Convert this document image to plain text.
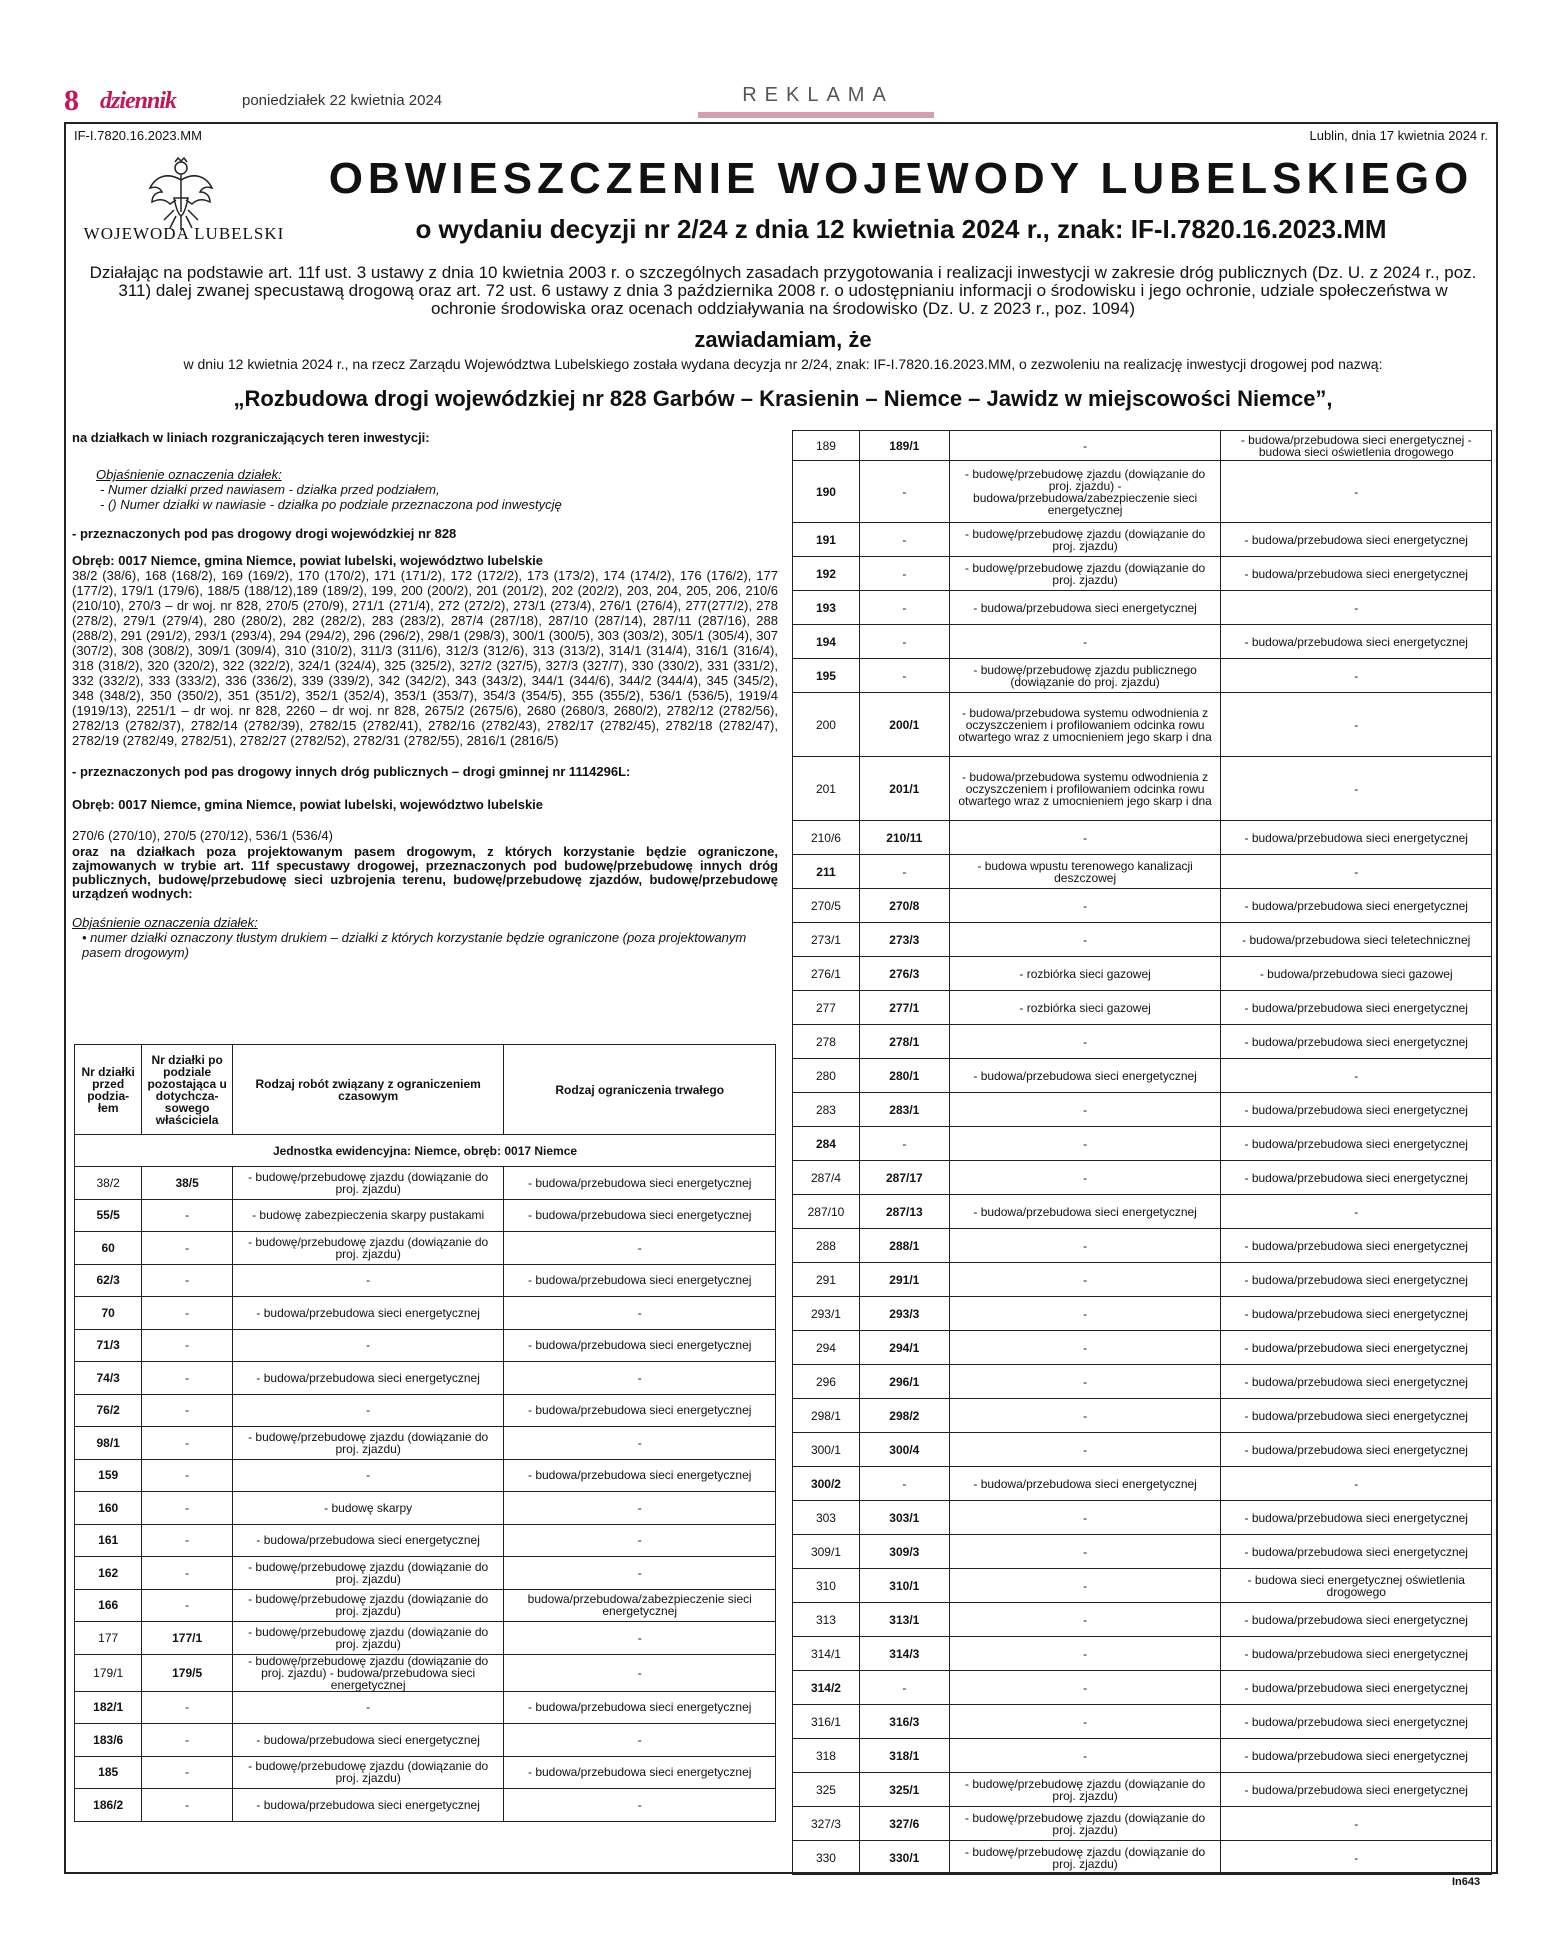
8 dziennik	poniedziałek 22 kwietnia 2024	REKLAMA
IF-I.7820.16.2023.MM	Lublin, dnia 17 kwietnia 2024 r.
WOJEWODA LUBELSKI
OBWIESZCZENIE WOJEWODY LUBELSKIEGO
o wydaniu decyzji nr 2/24 z dnia 12 kwietnia 2024 r., znak: IF-I.7820.16.2023.MM
Działając na podstawie art. 11f ust. 3 ustawy z dnia 10 kwietnia 2003 r. o szczególnych zasadach przygotowania i realizacji inwestycji w zakresie dróg publicznych (Dz. U. z 2024 r., poz. 311) dalej zwanej specustawą drogową oraz art. 72 ust. 6 ustawy z dnia 3 października 2008 r. o udostępnianiu informacji o środowisku i jego ochronie, udziale społeczeństwa w ochronie środowiska oraz ocenach oddziaływania na środowisko (Dz. U. z 2023 r., poz. 1094)
zawiadamiam, że
w dniu 12 kwietnia 2024 r., na rzecz Zarządu Województwa Lubelskiego została wydana decyzja nr 2/24, znak: IF-I.7820.16.2023.MM, o zezwoleniu na realizację inwestycji drogowej pod nazwą:
„Rozbudowa drogi wojewódzkiej nr 828 Garbów – Krasienin – Niemce – Jawidz w miejscowości Niemce”,

na działkach w liniach rozgraniczających teren inwestycji:

Objaśnienie oznaczenia działek:

- Numer działki przed nawiasem - działka przed podziałem,

- () Numer działki w nawiasie - działka po podziale przeznaczona pod inwestycję

- przeznaczonych pod pas drogowy drogi wojewódzkiej nr 828

Obręb: 0017 Niemce, gmina Niemce, powiat lubelski, województwo lubelskie

38/2 (38/6), 168 (168/2), 169 (169/2), 170 (170/2), 171 (171/2), 172 (172/2), 173 (173/2), 174 (174/2), 176 (176/2), 177 (177/2), 179/1 (179/6), 188/5 (188/12),189 (189/2), 199, 200 (200/2), 201 (201/2), 202 (202/2), 203, 204, 205, 206, 210/6 (210/10), 270/3 – dr woj. nr 828, 270/5 (270/9), 271/1 (271/4), 272 (272/2), 273/1 (273/4), 276/1 (276/4), 277(277/2), 278 (278/2), 279/1 (279/4), 280 (280/2), 282 (282/2), 283 (283/2), 287/4 (287/18), 287/10 (287/14), 287/11 (287/16), 288 (288/2), 291 (291/2), 293/1 (293/4), 294 (294/2), 296 (296/2), 298/1 (298/3), 300/1 (300/5), 303 (303/2), 305/1 (305/4), 307 (307/2), 308 (308/2), 309/1 (309/4), 310 (310/2), 311/3 (311/6), 312/3 (312/6), 313 (313/2), 314/1 (314/4), 316/1 (316/4), 318 (318/2), 320 (320/2), 322 (322/2), 324/1 (324/4), 325 (325/2), 327/2 (327/5), 327/3 (327/7), 330 (330/2), 331 (331/2), 332 (332/2), 333 (333/2), 336 (336/2), 339 (339/2), 342 (342/2), 343 (343/2), 344/1 (344/6), 344/2 (344/4), 345 (345/2), 348 (348/2), 350 (350/2), 351 (351/2), 352/1 (352/4), 353/1 (353/7), 354/3 (354/5), 355 (355/2), 536/1 (536/5), 1919/4 (1919/13), 2251/1 – dr woj. nr 828, 2260 – dr woj. nr 828, 2675/2 (2675/6), 2680 (2680/3, 2680/2), 2782/12 (2782/56), 2782/13 (2782/37), 2782/14 (2782/39), 2782/15 (2782/41), 2782/16 (2782/43), 2782/17 (2782/45), 2782/18 (2782/47), 2782/19 (2782/49, 2782/51), 2782/27 (2782/52), 2782/31 (2782/55), 2816/1 (2816/5)

- przeznaczonych pod pas drogowy innych dróg publicznych – drogi gminnej nr 1114296L:

Obręb: 0017 Niemce, gmina Niemce, powiat lubelski, województwo lubelskie

270/6 (270/10), 270/5 (270/12), 536/1 (536/4)

oraz na działkach poza projektowanym pasem drogowym, z których korzystanie będzie ograniczone, zajmowanych w trybie art. 11f specustawy drogowej, przeznaczonych pod budowę/przebudowę innych dróg publicznych, budowę/przebudowę sieci uzbrojenia terenu, budowę/przebudowę zjazdów, budowę/przebudowę urządzeń wodnych:

Objaśnienie oznaczenia działek:

• numer działki oznaczony tłustym drukiem – działki z których korzystanie będzie ograniczone (poza projektowanym pasem drogowym)

Nr działki przed podzia-łem	Nr działki po podziale pozostająca u dotychcza-sowego właściciela	Rodzaj robót związany z ograniczeniem czasowym	Rodzaj ograniczenia trwałego
Jednostka ewidencyjna: Niemce, obręb: 0017 Niemce			
38/2	38/5	- budowę/przebudowę zjazdu (dowiązanie do proj. zjazdu)	- budowa/przebudowa sieci energetycznej
55/5	-	- budowę zabezpieczenia skarpy pustakami	- budowa/przebudowa sieci energetycznej
60	-	- budowę/przebudowę zjazdu (dowiązanie do proj. zjazdu)	-
62/3	-	-	- budowa/przebudowa sieci energetycznej
70	-	- budowa/przebudowa sieci energetycznej	-
71/3	-	-	- budowa/przebudowa sieci energetycznej
74/3	-	- budowa/przebudowa sieci energetycznej	-
76/2	-	-	- budowa/przebudowa sieci energetycznej
98/1	-	- budowę/przebudowę zjazdu (dowiązanie do proj. zjazdu)	-
159	-	-	- budowa/przebudowa sieci energetycznej
160	-	- budowę skarpy	-
161	-	- budowa/przebudowa sieci energetycznej	-
162	-	- budowę/przebudowę zjazdu (dowiązanie do proj. zjazdu)	-
166	-	- budowę/przebudowę zjazdu (dowiązanie do proj. zjazdu)	budowa/przebudowa/zabezpieczenie sieci energetycznej
177	177/1	- budowę/przebudowę zjazdu (dowiązanie do proj. zjazdu)	-
179/1	179/5	- budowę/przebudowę zjazdu (dowiązanie do proj. zjazdu) - budowa/przebudowa sieci energetycznej	-
182/1	-	-	- budowa/przebudowa sieci energetycznej
183/6	-	- budowa/przebudowa sieci energetycznej	-
185	-	- budowę/przebudowę zjazdu (dowiązanie do proj. zjazdu)	- budowa/przebudowa sieci energetycznej
186/2	-	- budowa/przebudowa sieci energetycznej	-
189	189/1	-	- budowa/przebudowa sieci energetycznej - budowa sieci oświetlenia drogowego
190	-	- budowę/przebudowę zjazdu (dowiązanie do proj. zjazdu) - budowa/przebudowa/zabezpieczenie sieci energetycznej	-
191	-	- budowę/przebudowę zjazdu (dowiązanie do proj. zjazdu)	- budowa/przebudowa sieci energetycznej
192	-	- budowę/przebudowę zjazdu (dowiązanie do proj. zjazdu)	- budowa/przebudowa sieci energetycznej
193	-	- budowa/przebudowa sieci energetycznej	-
194	-	-	- budowa/przebudowa sieci energetycznej
195	-	- budowę/przebudowę zjazdu publicznego (dowiązanie do proj. zjazdu)	-
200	200/1	- budowa/przebudowa systemu odwodnienia z oczyszczeniem i profilowaniem odcinka rowu otwartego wraz z umocnieniem jego skarp i dna	-
201	201/1	- budowa/przebudowa systemu odwodnienia z oczyszczeniem i profilowaniem odcinka rowu otwartego wraz z umocnieniem jego skarp i dna	-
210/6	210/11	-	- budowa/przebudowa sieci energetycznej
211	-	- budowa wpustu terenowego kanalizacji deszczowej	-
270/5	270/8	-	- budowa/przebudowa sieci energetycznej
273/1	273/3	-	- budowa/przebudowa sieci teletechnicznej
276/1	276/3	- rozbiórka sieci gazowej	- budowa/przebudowa sieci gazowej
277	277/1	- rozbiórka sieci gazowej	- budowa/przebudowa sieci energetycznej
278	278/1	-	- budowa/przebudowa sieci energetycznej
280	280/1	- budowa/przebudowa sieci energetycznej	-
283	283/1	-	- budowa/przebudowa sieci energetycznej
284	-	-	- budowa/przebudowa sieci energetycznej
287/4	287/17	-	- budowa/przebudowa sieci energetycznej
287/10	287/13	- budowa/przebudowa sieci energetycznej	-
288	288/1	-	- budowa/przebudowa sieci energetycznej
291	291/1	-	- budowa/przebudowa sieci energetycznej
293/1	293/3	-	- budowa/przebudowa sieci energetycznej
294	294/1	-	- budowa/przebudowa sieci energetycznej
296	296/1	-	- budowa/przebudowa sieci energetycznej
298/1	298/2	-	- budowa/przebudowa sieci energetycznej
300/1	300/4	-	- budowa/przebudowa sieci energetycznej
300/2	-	- budowa/przebudowa sieci energetycznej	-
303	303/1	-	- budowa/przebudowa sieci energetycznej
309/1	309/3	-	- budowa/przebudowa sieci energetycznej
310	310/1	-	- budowa sieci energetycznej oświetlenia drogowego
313	313/1	-	- budowa/przebudowa sieci energetycznej
314/1	314/3	-	- budowa/przebudowa sieci energetycznej
314/2	-	-	- budowa/przebudowa sieci energetycznej
316/1	316/3	-	- budowa/przebudowa sieci energetycznej
318	318/1	-	- budowa/przebudowa sieci energetycznej
325	325/1	- budowę/przebudowę zjazdu (dowiązanie do proj. zjazdu)	- budowa/przebudowa sieci energetycznej
327/3	327/6	- budowę/przebudowę zjazdu (dowiązanie do proj. zjazdu)	-
330	330/1	- budowę/przebudowę zjazdu (dowiązanie do proj. zjazdu)	-
In643
